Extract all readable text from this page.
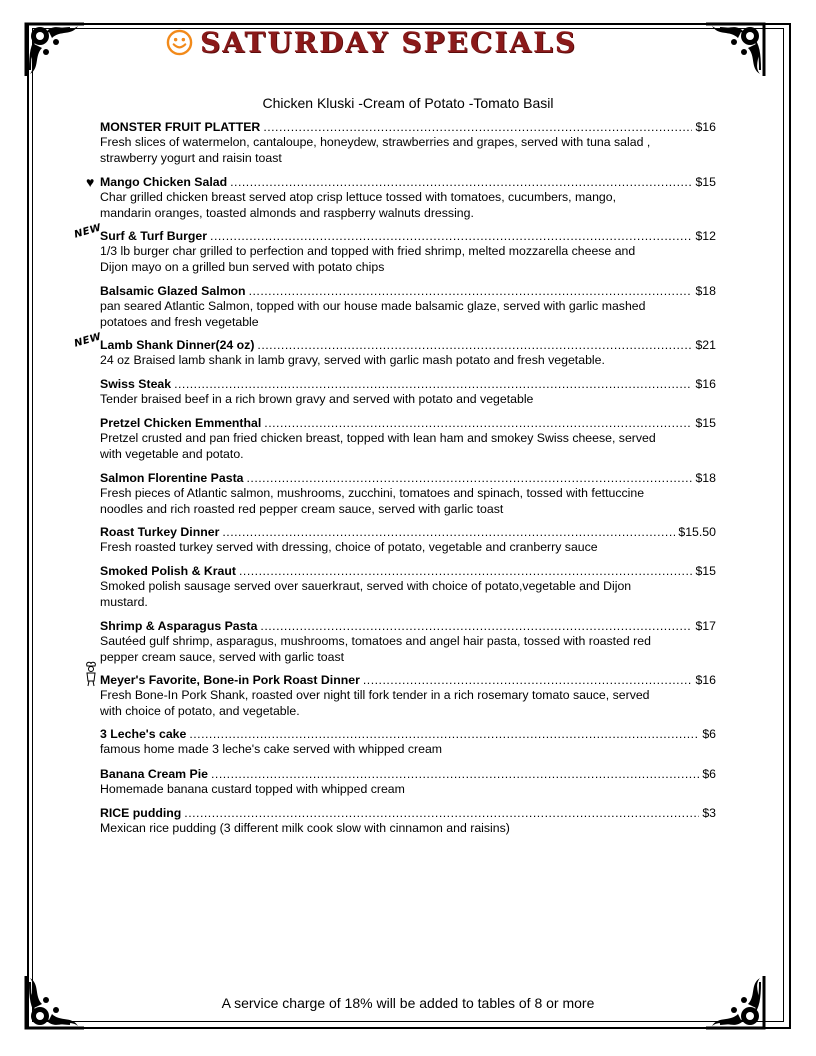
SATURDAY SPECIALS
Chicken Kluski -Cream of Potato -Tomato Basil
♥
NEW
NEW
MONSTER FRUIT PLATTER .....	$16
Fresh slices of watermelon, cantaloupe, honeydew, strawberries and grapes, served with tuna salad , strawberry yogurt and raisin toast
Mango Chicken Salad .....	$15
Char grilled chicken breast served atop crisp lettuce tossed with tomatoes, cucumbers, mango, mandarin oranges, toasted almonds and raspberry walnuts dressing.
Surf & Turf Burger .....	$12
1/3 lb burger char grilled to perfection and topped with fried shrimp, melted mozzarella cheese and Dijon mayo on a grilled bun served with potato chips
Balsamic Glazed Salmon .....	$18
pan seared Atlantic Salmon, topped with our house made balsamic glaze, served with garlic mashed potatoes and fresh vegetable
Lamb Shank Dinner(24 oz) .....	$21
24 oz Braised lamb shank in lamb gravy, served with garlic mash potato and fresh vegetable.
Swiss Steak .....	$16
Tender braised beef in a rich brown gravy and served with potato and vegetable
Pretzel Chicken Emmenthal .....	$15
Pretzel crusted and pan fried chicken breast, topped with lean ham and smokey Swiss cheese, served with vegetable and potato.
Salmon Florentine Pasta .....	$18
Fresh pieces of Atlantic salmon, mushrooms, zucchini, tomatoes and spinach, tossed with fettuccine noodles and rich roasted red pepper cream sauce, served with garlic toast
Roast Turkey Dinner .....	$15.50
Fresh roasted turkey served with dressing, choice of potato, vegetable and cranberry sauce
Smoked Polish & Kraut .....	$15
Smoked polish sausage served over sauerkraut, served with choice of potato,vegetable and Dijon mustard.
Shrimp & Asparagus Pasta .....	$17
Sautéed gulf shrimp, asparagus, mushrooms, tomatoes and angel hair pasta, tossed with roasted red pepper cream sauce, served with garlic toast
Meyer's Favorite, Bone-in Pork Roast Dinner .....	$16
Fresh Bone-In Pork Shank, roasted over night till fork tender in a rich rosemary tomato sauce, served with choice of potato, and vegetable.
3 Leche's cake .....	$6
famous home made 3 leche's cake served with whipped cream
Banana Cream Pie .....	$6
Homemade banana custard topped with whipped cream
RICE pudding .....	$3
Mexican rice pudding (3 different milk cook slow with cinnamon and raisins)
A service charge of 18% will be added to tables of 8 or more
